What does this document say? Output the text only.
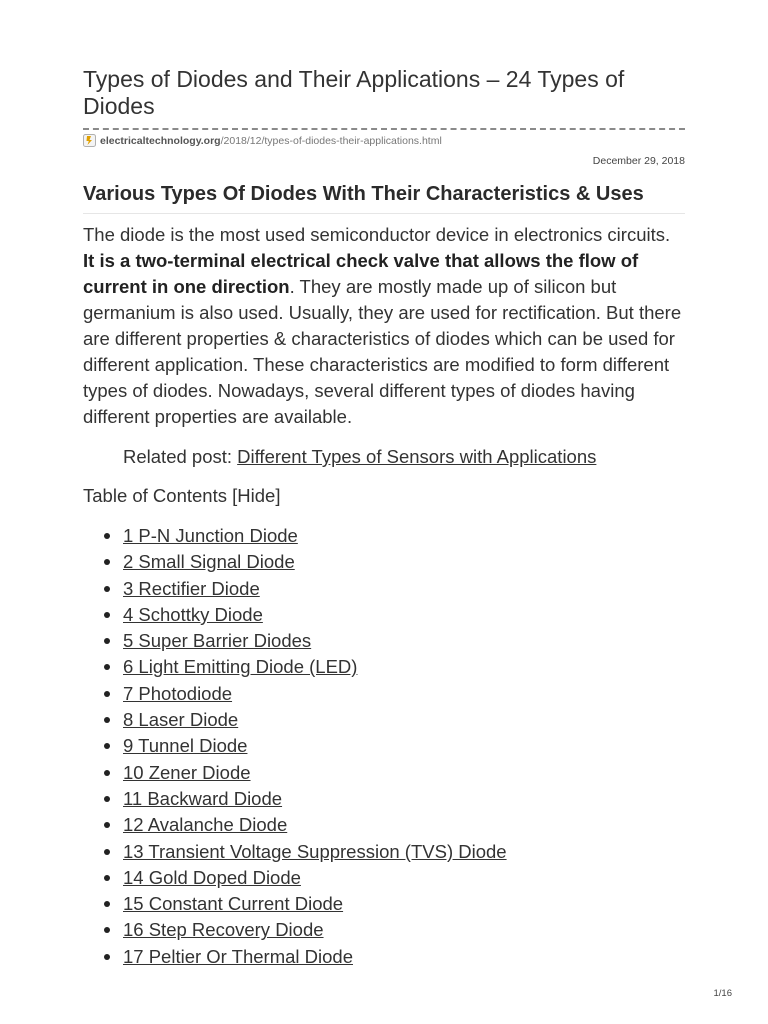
Types of Diodes and Their Applications – 24 Types of Diodes
electricaltechnology.org /2018/12/types-of-diodes-their-applications.html
December 29, 2018
Various Types Of Diodes With Their Characteristics & Uses

The diode is the most used semiconductor device in electronics circuits. It is a two-terminal electrical check valve that allows the flow of current in one direction. They are mostly made up of silicon but germanium is also used. Usually, they are used for rectification. But there are different properties & characteristics of diodes which can be used for different application. These characteristics are modified to form different types of diodes. Nowadays, several different types of diodes having different properties are available.

Related post: Different Types of Sensors with Applications

Table of Contents [Hide]

1 P-N Junction Diode
2 Small Signal Diode
3 Rectifier Diode
4 Schottky Diode
5 Super Barrier Diodes
6 Light Emitting Diode (LED)
7 Photodiode
8 Laser Diode
9 Tunnel Diode
10 Zener Diode
11 Backward Diode
12 Avalanche Diode
13 Transient Voltage Suppression (TVS) Diode
14 Gold Doped Diode
15 Constant Current Diode
16 Step Recovery Diode
17 Peltier Or Thermal Diode
1/16
